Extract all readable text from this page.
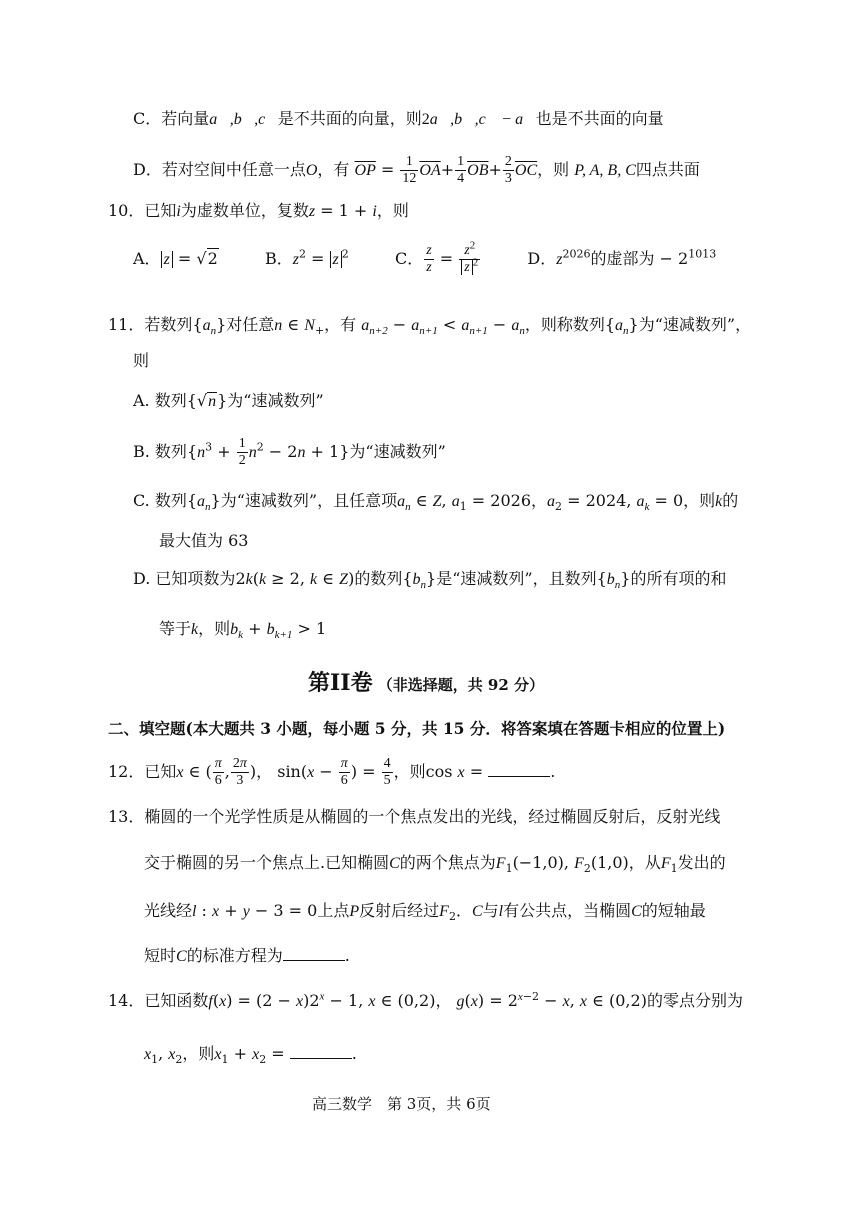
C．若向量a⃗,b⃗,c⃗是不共面的向量，则2a⃗,b⃗,c⃗ − a⃗也是不共面的向量
D．若对空间中任意一点O，有 $\overline{OP} = \frac{1}{12} \overline{OA}+ \frac{1}{4} \overline{OB}+ \frac{2}{3} \overline{OC}$，则 P, A, B, C四点共面
10．已知i为虚数单位，复数z = 1 + i，则
A． z = √2	B．$z^2 = z$ $^2$	C． $\frac{z}{z} = \frac{z^2}{z ^2}$	D．$z^{2026}$的虚部为 − $2^{1013}$
11．若数列$\{a_n\}$对任意n ∈ $N_+$，有 $a_{n+2} - a_{n+1} < a_{n+1} - a_n$，则称数列$\{a_n\}$为“速减数列”，
则
A. 数列{√n}为“速减数列”
B. 数列$\{n^3 + \frac{1}{2} n^2 - 2n + 1\}$为“速减数列”
C. 数列$\{a_n\}$为“速减数列”，且任意项$a_n$ ∈ Z, $a_1 = 2026$，$a_2 = 2024$, $a_k = 0$，则k的
最大值为 63
D. 已知项数为2k(k ≥ 2, k ∈ Z)的数列$\{b_n\}$是“速减数列”，且数列$\{b_n\}$的所有项的和
等于k，则$b_k + b_{k+1} > 1$
第II卷 （非选择题，共 92 分）
二、填空题(本大题共 3 小题，每小题 5 分，共 15 分．将答案填在答题卡相应的位置上)
12．已知x ∈ ( $\frac{\pi}{6}$ , $\frac{2\pi}{3}$ )， $\sin(x - \frac{\pi}{6}$ ) = $\frac{4}{5}$ ，则cos x =	.
13．椭圆的一个光学性质是从椭圆的一个焦点发出的光线，经过椭圆反射后，反射光线
交于椭圆的另一个焦点上.已知椭圆C的两个焦点为$F_1(-1,0)$, $F_2(1,0)$，从$F_1$发出的
光线经l : x + y − 3 = 0上点P反射后经过$F_2$．C与l有公共点，当椭圆C的短轴最
短时C的标准方程为	.
14．已知函数$f(x) = (2 - x)2^x - 1$, x ∈ (0,2)， $g(x) = 2^{x-2} - x$, x ∈ (0,2)的零点分别为
$x_1$, $x_2$，则$x_1 + x_2$ =	.
高三数学　第 3页，共 6页
